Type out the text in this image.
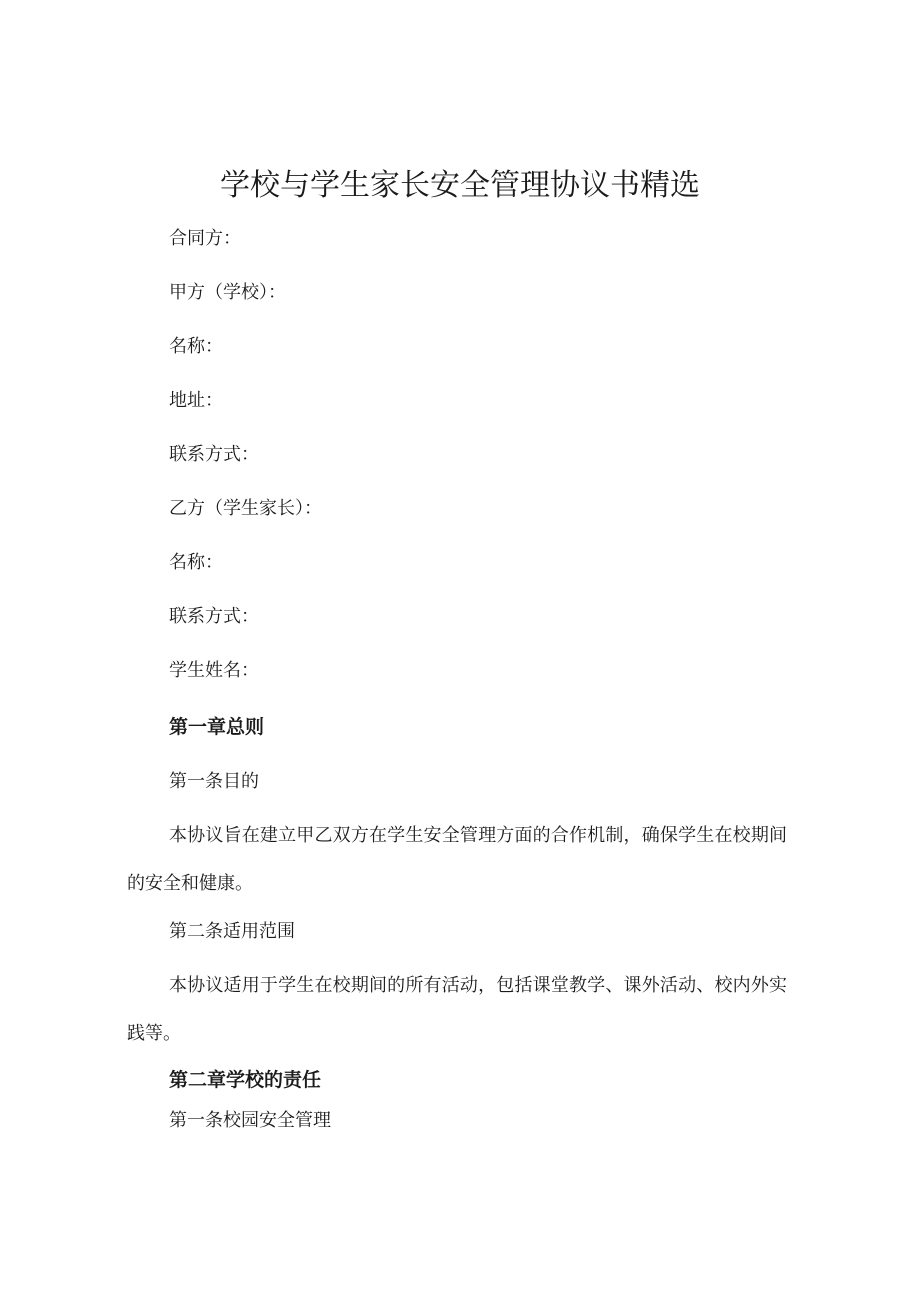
学校与学生家长安全管理协议书精选

合同方：

甲方（学校）：

名称：

地址：

联系方式：

乙方（学生家长）：

名称：

联系方式：

学生姓名：

第一章总则

第一条目的

本协议旨在建立甲乙双方在学生安全管理方面的合作机制，确保学生在校期间的安全和健康。

第二条适用范围

本协议适用于学生在校期间的所有活动，包括课堂教学、课外活动、校内外实践等。

第二章学校的责任

第一条校园安全管理
